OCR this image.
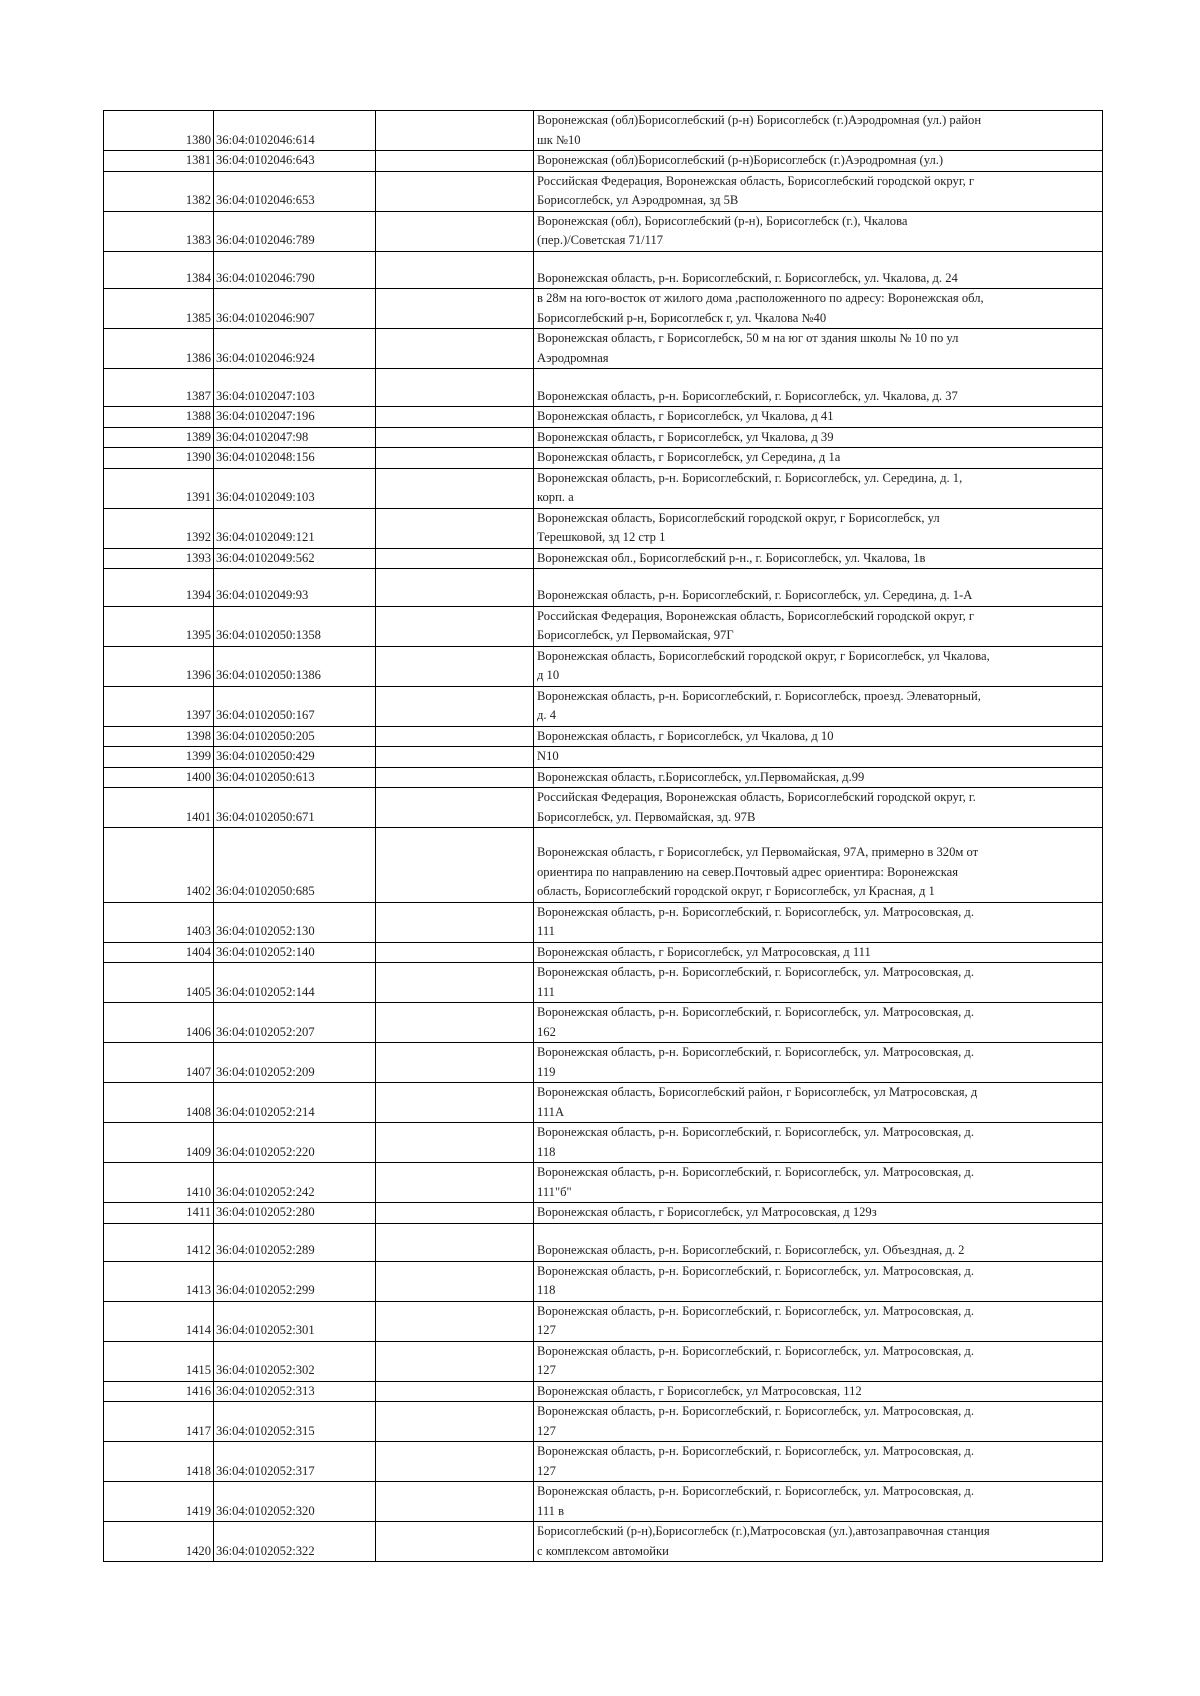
1380	36:04:0102046:614		Воронежская (обл)Борисоглебский (р-н) Борисоглебск (г.)Аэродромная (ул.) район
шк №10
1381	36:04:0102046:643		Воронежская (обл)Борисоглебский (р-н)Борисоглебск (г.)Аэродромная (ул.)
1382	36:04:0102046:653		Российская Федерация, Воронежская область, Борисоглебский городской округ, г
Борисоглебск, ул Аэродромная, зд 5В
1383	36:04:0102046:789		Воронежская (обл), Борисоглебский (р-н), Борисоглебск (г.), Чкалова
(пер.)/Советская 71/117
1384	36:04:0102046:790		Воронежская область, р-н. Борисоглебский, г. Борисоглебск, ул. Чкалова, д. 24
1385	36:04:0102046:907		в 28м на юго-восток от жилого дома ,расположенного по адресу: Воронежская обл,
Борисоглебский р-н, Борисоглебск г, ул. Чкалова №40
1386	36:04:0102046:924		Воронежская область, г Борисоглебск, 50 м на юг от здания школы № 10 по ул
Аэродромная
1387	36:04:0102047:103		Воронежская область, р-н. Борисоглебский, г. Борисоглебск, ул. Чкалова, д. 37
1388	36:04:0102047:196		Воронежская область, г Борисоглебск, ул Чкалова, д 41
1389	36:04:0102047:98		Воронежская область, г Борисоглебск, ул Чкалова, д 39
1390	36:04:0102048:156		Воронежская область, г Борисоглебск, ул Середина, д 1а
1391	36:04:0102049:103		Воронежская область, р-н. Борисоглебский, г. Борисоглебск, ул. Середина, д. 1,
корп. а
1392	36:04:0102049:121		Воронежская область, Борисоглебский городской округ, г Борисоглебск, ул
Терешковой, зд 12 стр 1
1393	36:04:0102049:562		Воронежская обл., Борисоглебский р-н., г. Борисоглебск, ул. Чкалова, 1в
1394	36:04:0102049:93		Воронежская область, р-н. Борисоглебский, г. Борисоглебск, ул. Середина, д. 1-А
1395	36:04:0102050:1358		Российская Федерация, Воронежская область, Борисоглебский городской округ, г
Борисоглебск, ул Первомайская, 97Г
1396	36:04:0102050:1386		Воронежская область, Борисоглебский городской округ, г Борисоглебск, ул Чкалова,
д 10
1397	36:04:0102050:167		Воронежская область, р-н. Борисоглебский, г. Борисоглебск, проезд. Элеваторный,
д. 4
1398	36:04:0102050:205		Воронежская область, г Борисоглебск, ул Чкалова, д 10
1399	36:04:0102050:429		N10
1400	36:04:0102050:613		Воронежская область, г.Борисоглебск, ул.Первомайская, д.99
1401	36:04:0102050:671		Российская Федерация, Воронежская область, Борисоглебский городской округ, г.
Борисоглебск, ул. Первомайская, зд. 97В
1402	36:04:0102050:685		Воронежская область, г Борисоглебск, ул Первомайская, 97А, примерно в 320м от
ориентира по направлению на север.Почтовый адрес ориентира: Воронежская
область, Борисоглебский городской округ, г Борисоглебск, ул Красная, д 1
1403	36:04:0102052:130		Воронежская область, р-н. Борисоглебский, г. Борисоглебск, ул. Матросовская, д.
111
1404	36:04:0102052:140		Воронежская область, г Борисоглебск, ул Матросовская, д 111
1405	36:04:0102052:144		Воронежская область, р-н. Борисоглебский, г. Борисоглебск, ул. Матросовская, д.
111
1406	36:04:0102052:207		Воронежская область, р-н. Борисоглебский, г. Борисоглебск, ул. Матросовская, д.
162
1407	36:04:0102052:209		Воронежская область, р-н. Борисоглебский, г. Борисоглебск, ул. Матросовская, д.
119
1408	36:04:0102052:214		Воронежская область, Борисоглебский район, г Борисоглебск, ул Матросовская, д
111А
1409	36:04:0102052:220		Воронежская область, р-н. Борисоглебский, г. Борисоглебск, ул. Матросовская, д.
118
1410	36:04:0102052:242		Воронежская область, р-н. Борисоглебский, г. Борисоглебск, ул. Матросовская, д.
111"б"
1411	36:04:0102052:280		Воронежская область, г Борисоглебск, ул Матросовская, д 129з
1412	36:04:0102052:289		Воронежская область, р-н. Борисоглебский, г. Борисоглебск, ул. Объездная, д. 2
1413	36:04:0102052:299		Воронежская область, р-н. Борисоглебский, г. Борисоглебск, ул. Матросовская, д.
118
1414	36:04:0102052:301		Воронежская область, р-н. Борисоглебский, г. Борисоглебск, ул. Матросовская, д.
127
1415	36:04:0102052:302		Воронежская область, р-н. Борисоглебский, г. Борисоглебск, ул. Матросовская, д.
127
1416	36:04:0102052:313		Воронежская область, г Борисоглебск, ул Матросовская, 112
1417	36:04:0102052:315		Воронежская область, р-н. Борисоглебский, г. Борисоглебск, ул. Матросовская, д.
127
1418	36:04:0102052:317		Воронежская область, р-н. Борисоглебский, г. Борисоглебск, ул. Матросовская, д.
127
1419	36:04:0102052:320		Воронежская область, р-н. Борисоглебский, г. Борисоглебск, ул. Матросовская, д.
111 в
1420	36:04:0102052:322		Борисоглебский (р-н),Борисоглебск (г.),Матросовская (ул.),автозаправочная станция
с комплексом автомойки
